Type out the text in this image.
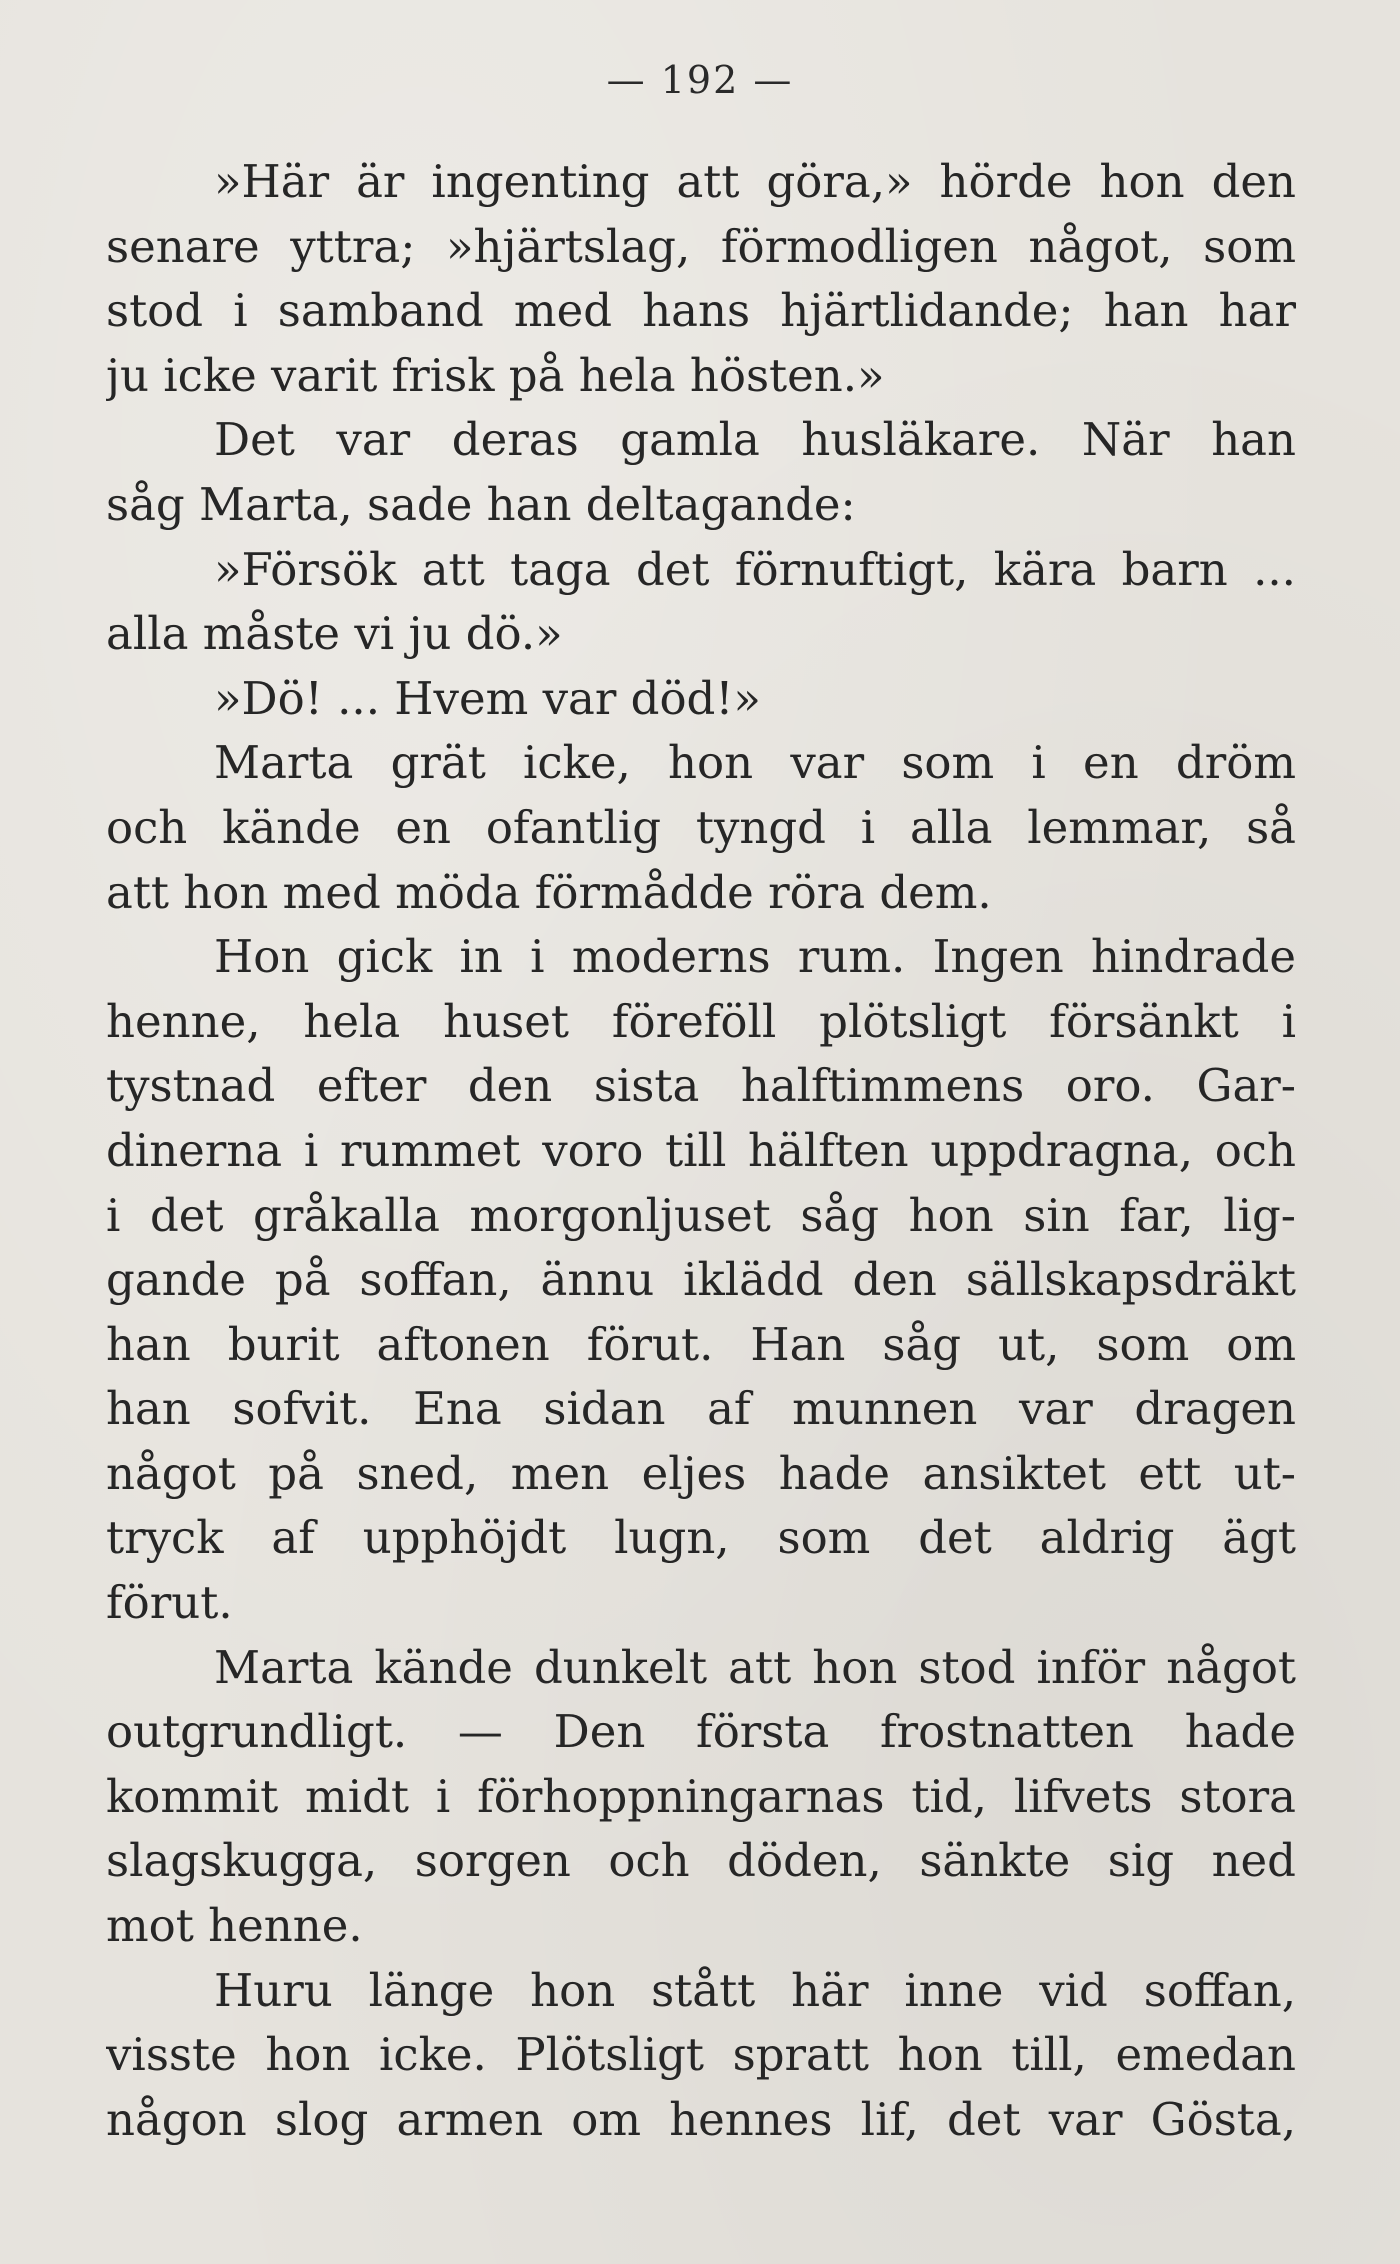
— 192 —
»Här är ingenting att göra,» hörde hon den
senare yttra; »hjärtslag, förmodligen något, som
stod i samband med hans hjärtlidande; han har
ju icke varit frisk på hela hösten.»
Det var deras gamla husläkare. När han
såg Marta, sade han deltagande:
»Försök att taga det förnuftigt, kära barn ...
alla måste vi ju dö.»
»Dö! ... Hvem var död!»
Marta grät icke, hon var som i en dröm
och kände en ofantlig tyngd i alla lemmar, så
att hon med möda förmådde röra dem.
Hon gick in i moderns rum. Ingen hindrade
henne, hela huset föreföll plötsligt försänkt i
tystnad efter den sista halftimmens oro. Gar-
dinerna i rummet voro till hälften uppdragna, och
i det gråkalla morgonljuset såg hon sin far, lig-
gande på soffan, ännu iklädd den sällskapsdräkt
han burit aftonen förut. Han såg ut, som om
han sofvit. Ena sidan af munnen var dragen
något på sned, men eljes hade ansiktet ett ut-
tryck af upphöjdt lugn, som det aldrig ägt
förut.
Marta kände dunkelt att hon stod inför något
outgrundligt. — Den första frostnatten hade
kommit midt i förhoppningarnas tid, lifvets stora
slagskugga, sorgen och döden, sänkte sig ned
mot henne.
Huru länge hon stått här inne vid soffan,
visste hon icke. Plötsligt spratt hon till, emedan
någon slog armen om hennes lif, det var Gösta,
